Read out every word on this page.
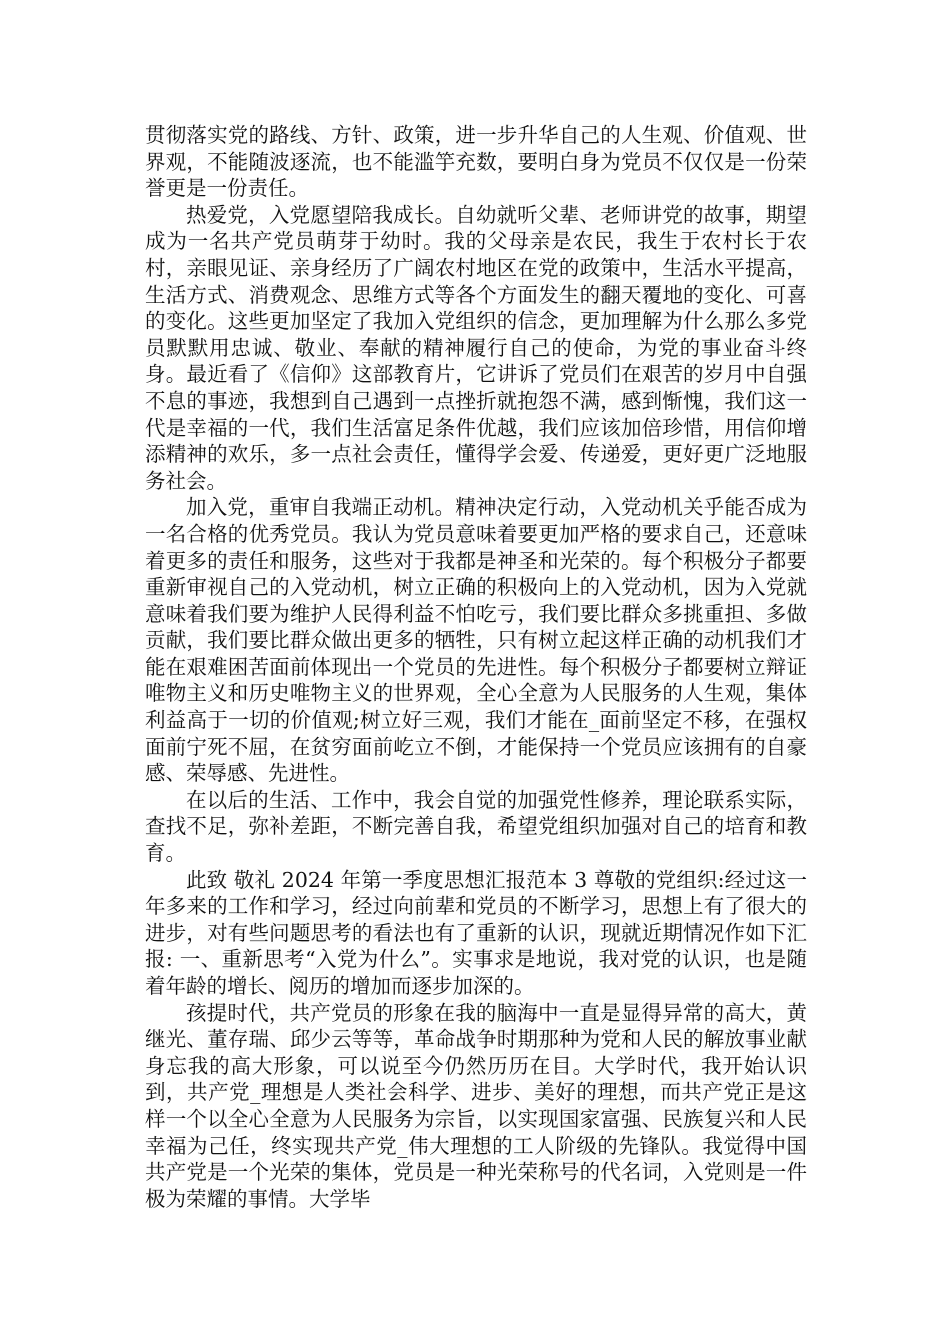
贯彻落实党的路线、方针、政策，进一步升华自己的人生观、价值观、世界观，不能随波逐流，也不能滥竽充数，要明白身为党员不仅仅是一份荣誉更是一份责任。

热爱党，入党愿望陪我成长。自幼就听父辈、老师讲党的故事，期望成为一名共产党员萌芽于幼时。我的父母亲是农民，我生于农村长于农村，亲眼见证、亲身经历了广阔农村地区在党的政策中，生活水平提高，生活方式、消费观念、思维方式等各个方面发生的翻天覆地的变化、可喜的变化。这些更加坚定了我加入党组织的信念，更加理解为什么那么多党员默默用忠诚、敬业、奉献的精神履行自己的使命，为党的事业奋斗终身。最近看了《信仰》这部教育片，它讲诉了党员们在艰苦的岁月中自强不息的事迹，我想到自己遇到一点挫折就抱怨不满，感到惭愧，我们这一代是幸福的一代，我们生活富足条件优越，我们应该加倍珍惜，用信仰增添精神的欢乐，多一点社会责任，懂得学会爱、传递爱，更好更广泛地服务社会。

加入党，重审自我端正动机。精神决定行动，入党动机关乎能否成为一名合格的优秀党员。我认为党员意味着要更加严格的要求自己，还意味着更多的责任和服务，这些对于我都是神圣和光荣的。每个积极分子都要重新审视自己的入党动机，树立正确的积极向上的入党动机，因为入党就意味着我们要为维护人民得利益不怕吃亏，我们要比群众多挑重担、多做贡献，我们要比群众做出更多的牺牲，只有树立起这样正确的动机我们才能在艰难困苦面前体现出一个党员的先进性。每个积极分子都要树立辩证唯物主义和历史唯物主义的世界观，全心全意为人民服务的人生观，集体利益高于一切的价值观;树立好三观，我们才能在_面前坚定不移，在强权面前宁死不屈，在贫穷面前屹立不倒，才能保持一个党员应该拥有的自豪感、荣辱感、先进性。

在以后的生活、工作中，我会自觉的加强党性修养，理论联系实际，查找不足，弥补差距，不断完善自我，希望党组织加强对自己的培育和教育。

此致 敬礼 2024 年第一季度思想汇报范本 3 尊敬的党组织:经过这一年多来的工作和学习，经过向前辈和党员的不断学习，思想上有了很大的进步，对有些问题思考的看法也有了重新的认识，现就近期情况作如下汇报: 一、重新思考“入党为什么”。实事求是地说，我对党的认识，也是随着年龄的增长、阅历的增加而逐步加深的。

孩提时代，共产党员的形象在我的脑海中一直是显得异常的高大，黄继光、董存瑞、邱少云等等，革命战争时期那种为党和人民的解放事业献身忘我的高大形象，可以说至今仍然历历在目。大学时代，我开始认识到，共产党_理想是人类社会科学、进步、美好的理想，而共产党正是这样一个以全心全意为人民服务为宗旨，以实现国家富强、民族复兴和人民幸福为己任，终实现共产党_伟大理想的工人阶级的先锋队。我觉得中国共产党是一个光荣的集体，党员是一种光荣称号的代名词，入党则是一件极为荣耀的事情。大学毕
